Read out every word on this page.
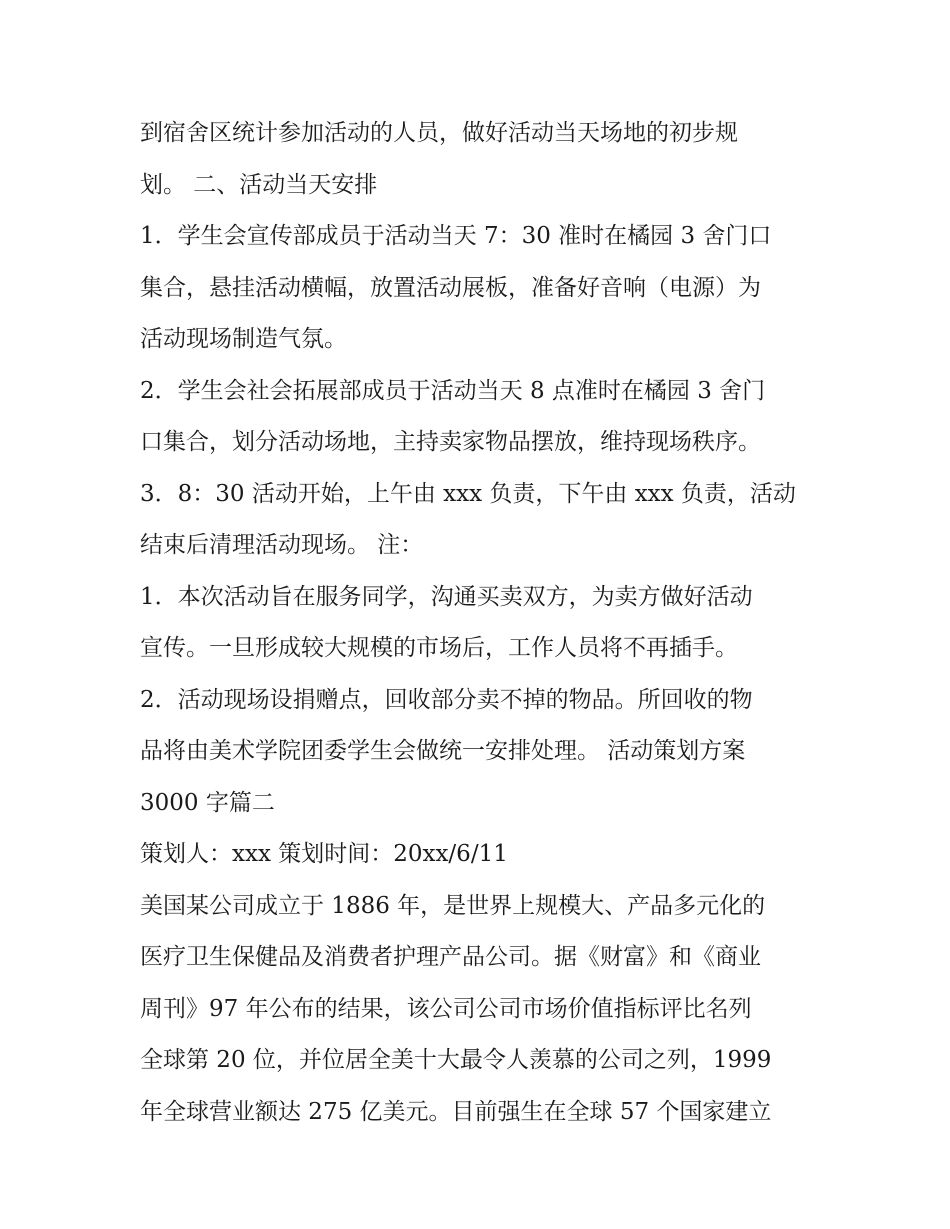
到宿舍区统计参加活动的人员，做好活动当天场地的初步规
划。 二、活动当天安排
1．学生会宣传部成员于活动当天 7：30 准时在橘园 3 舍门口
集合，悬挂活动横幅，放置活动展板，准备好音响（电源）为
活动现场制造气氛。
2．学生会社会拓展部成员于活动当天 8 点准时在橘园 3 舍门
口集合，划分活动场地，主持卖家物品摆放，维持现场秩序。
3．8：30 活动开始，上午由 xxx 负责，下午由 xxx 负责，活动
结束后清理活动现场。 注：
1．本次活动旨在服务同学，沟通买卖双方，为卖方做好活动
宣传。一旦形成较大规模的市场后，工作人员将不再插手。
2．活动现场设捐赠点，回收部分卖不掉的物品。所回收的物
品将由美术学院团委学生会做统一安排处理。 活动策划方案
3000 字篇二
策划人：xxx 策划时间：20xx/6/11
美国某公司成立于 1886 年，是世界上规模大、产品多元化的
医疗卫生保健品及消费者护理产品公司。据《财富》和《商业
周刊》97 年公布的结果，该公司公司市场价值指标评比名列
全球第 20 位，并位居全美十大最令人羡慕的公司之列，1999
年全球营业额达 275 亿美元。目前强生在全球 57 个国家建立
